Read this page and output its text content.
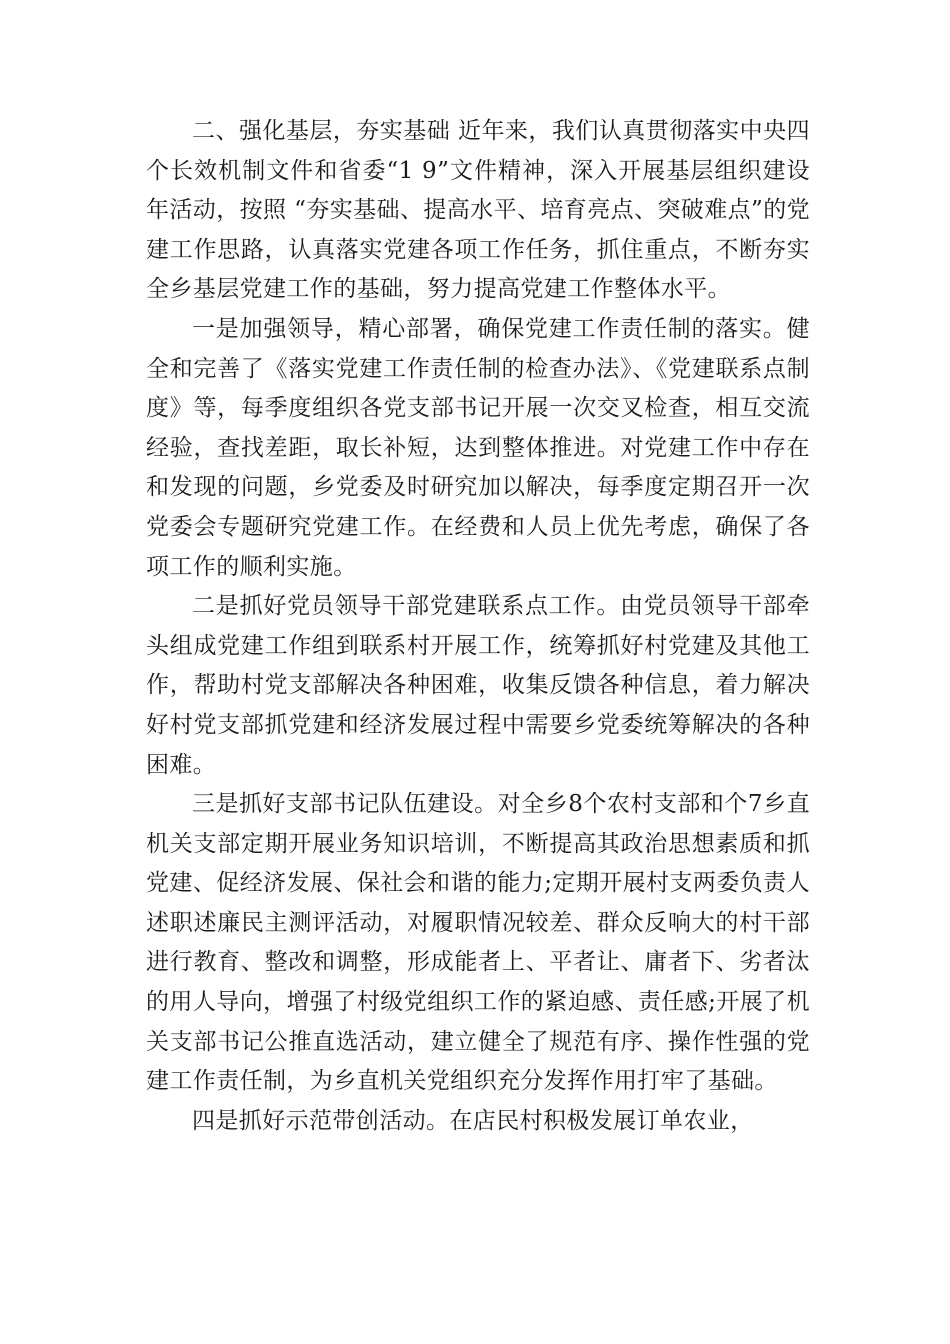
二、强化基层，夯实基础 近年来，我们认真贯彻落实中央四个长效机制文件和省委“1 9”文件精神，深入开展基层组织建设年活动，按照 “夯实基础、提高水平、培育亮点、突破难点”的党建工作思路，认真落实党建各项工作任务，抓住重点，不断夯实全乡基层党建工作的基础，努力提高党建工作整体水平。

一是加强领导，精心部署，确保党建工作责任制的落实。健全和完善了《落实党建工作责任制的检查办法》、《党建联系点制度》等，每季度组织各党支部书记开展一次交叉检查，相互交流经验，查找差距，取长补短，达到整体推进。对党建工作中存在和发现的问题，乡党委及时研究加以解决，每季度定期召开一次党委会专题研究党建工作。在经费和人员上优先考虑，确保了各项工作的顺利实施。

二是抓好党员领导干部党建联系点工作。由党员领导干部牵头组成党建工作组到联系村开展工作，统筹抓好村党建及其他工作，帮助村党支部解决各种困难，收集反馈各种信息，着力解决好村党支部抓党建和经济发展过程中需要乡党委统筹解决的各种困难。

三是抓好支部书记队伍建设。对全乡8个农村支部和个7乡直机关支部定期开展业务知识培训，不断提高其政治思想素质和抓党建、促经济发展、保社会和谐的能力;定期开展村支两委负责人述职述廉民主测评活动，对履职情况较差、群众反响大的村干部进行教育、整改和调整，形成能者上、平者让、庸者下、劣者汰的用人导向，增强了村级党组织工作的紧迫感、责任感;开展了机关支部书记公推直选活动，建立健全了规范有序、操作性强的党建工作责任制，为乡直机关党组织充分发挥作用打牢了基础。

四是抓好示范带创活动。在店民村积极发展订单农业，
